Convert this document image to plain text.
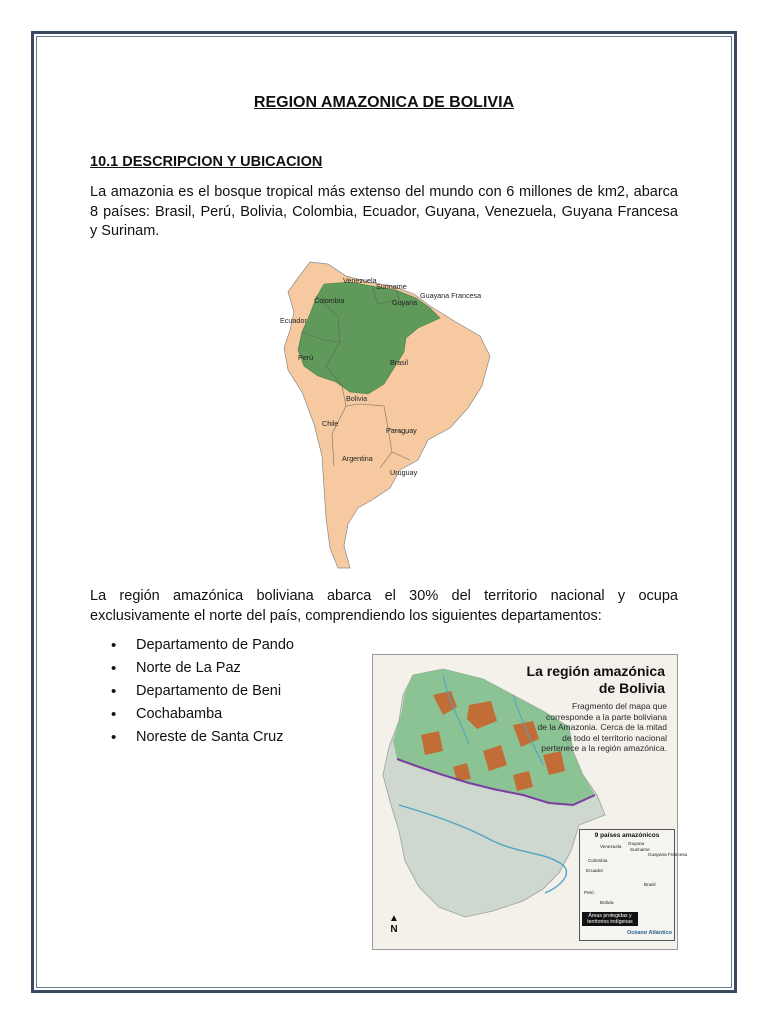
REGION AMAZONICA DE BOLIVIA
10.1 DESCRIPCION Y UBICACION
La amazonia es el bosque tropical más extenso del mundo con 6 millones de km2, abarca 8 países: Brasil, Perú, Bolivia, Colombia, Ecuador, Guyana, Venezuela, Guyana Francesa y Surinam.
Venezuela
Suriname
Guayana Francesa
Colombia	Guyana
Ecuador
Perú
Brasil
Bolivia
Chile
Paraguay
Argentina
Uruguay
La región amazónica boliviana abarca el 30% del territorio nacional y ocupa exclusivamente el norte del país, comprendiendo los siguientes departamentos:
• Departamento de Pando
• Norte de La Paz
• Departamento de Beni
• Cochabamba
• Noreste de Santa Cruz
La región amazónica
de Bolivia
Fragmento del mapa que corresponde a la parte boliviana de la Amazonia. Cerca de la mitad de todo el territorio nacional pertenece a la región amazónica.
9 países amazónicos
Venezuela
Guyana
Suriname
Guayana Francesa
Colombia
Ecuador
Brasil
Perú
Bolivia
Áreas protegidas y territorios indígenas
Océano Atlántico
▲
N
